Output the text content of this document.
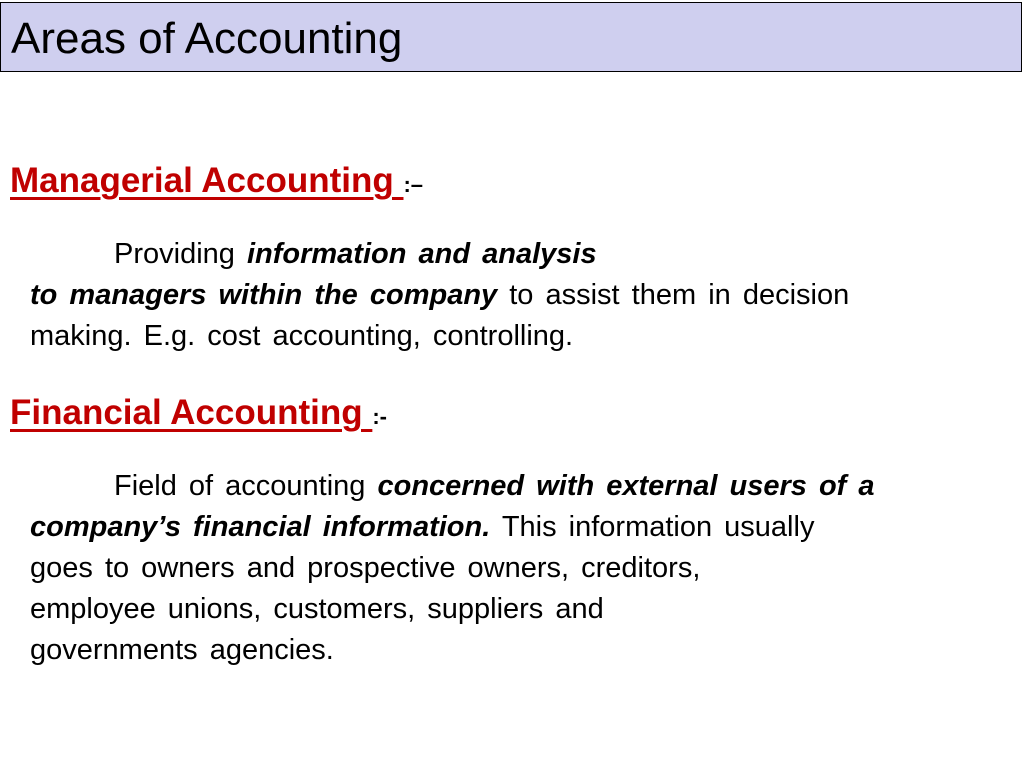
Areas of Accounting
Managerial Accounting :–
Providing information and analysis
to managers within the company to assist them in decision
making. E.g. cost accounting, controlling.
Financial Accounting :-
Field of accounting concerned with external users of a
company’s financial information. This information usually
goes to owners and prospective owners, creditors,
employee unions, customers, suppliers and
governments agencies.
